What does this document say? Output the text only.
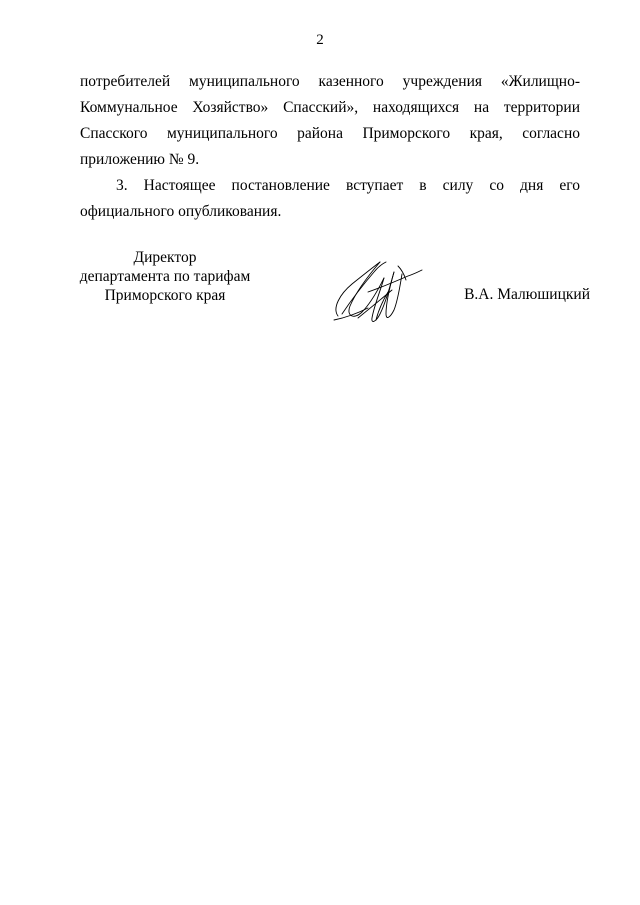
2

потребителей муниципального казенного учреждения «Жилищно-
Коммунальное Хозяйство» Спасский», находящихся на территории Спасского муниципального района Приморского края, согласно приложению № 9.

3. Настоящее постановление вступает в силу со дня его официального опубликования.

Директор
департамента по тарифам
Приморского края	В.А. Малюшицкий
